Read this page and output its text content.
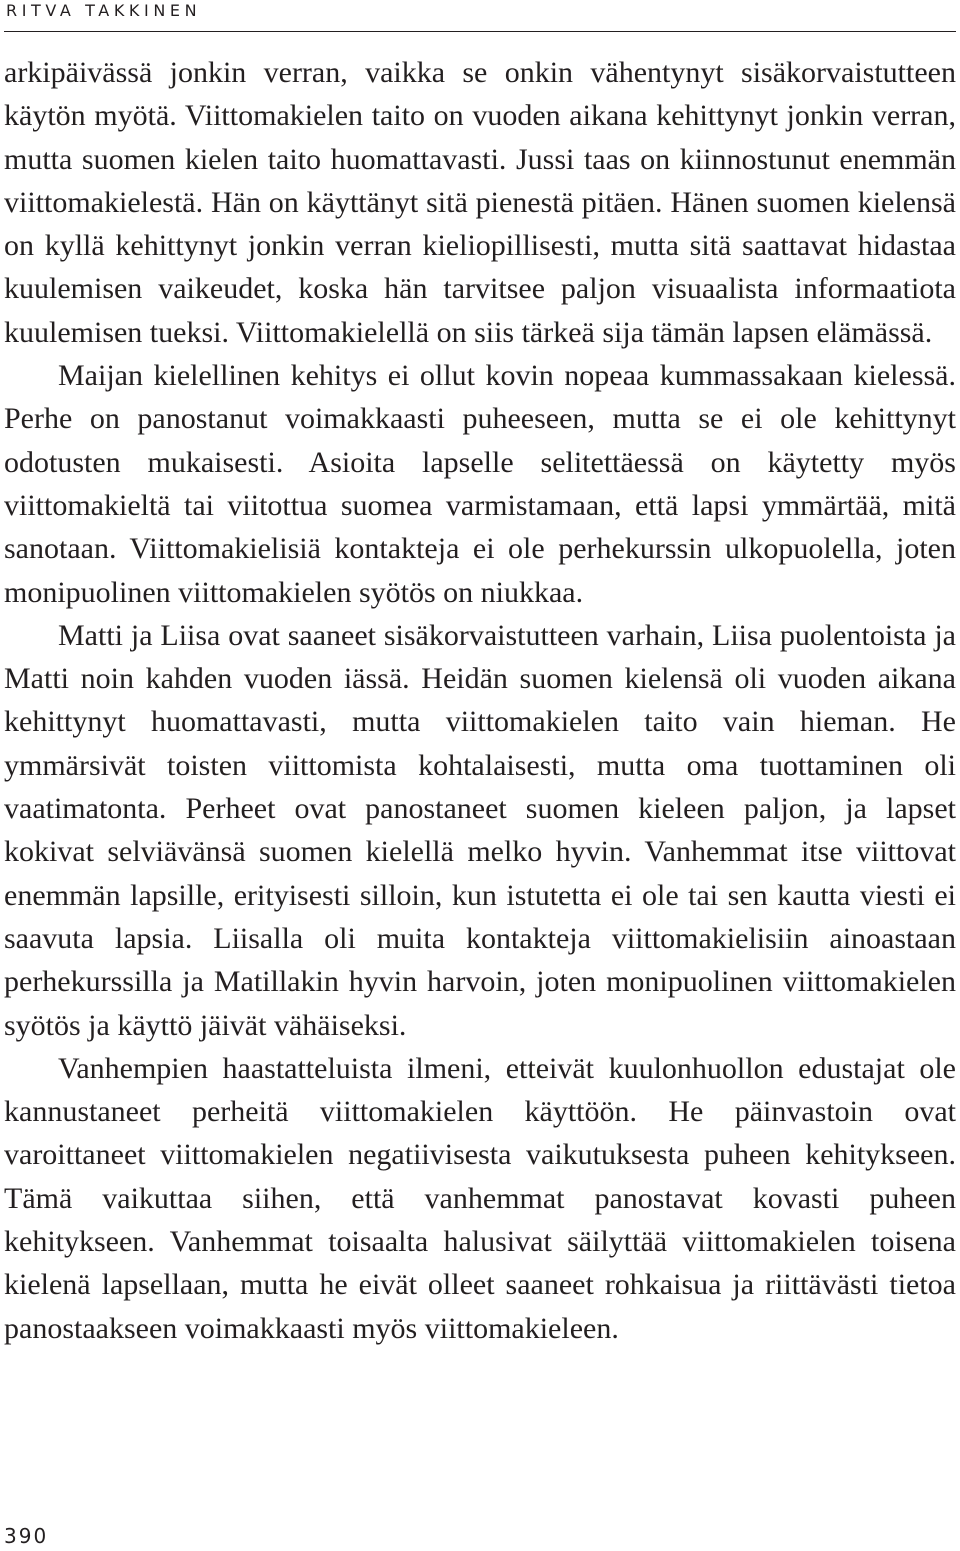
RITVA TAKKINEN

arkipäivässä jonkin verran, vaikka se onkin vähentynyt sisäkorvaistutteen käytön myötä. Viittomakielen taito on vuoden aikana kehittynyt jonkin verran, mutta suomen kielen taito huomattavasti. Jussi taas on kiinnostunut enemmän viittomakielestä. Hän on käyttänyt sitä pienestä pitäen. Hänen suomen kielensä on kyllä kehittynyt jonkin verran kieliopillisesti, mutta sitä saattavat hidastaa kuulemisen vaikeudet, koska hän tarvitsee paljon visuaalista informaatiota kuulemisen tueksi. Viittomakielellä on siis tärkeä sija tämän lapsen elämässä.

Maijan kielellinen kehitys ei ollut kovin nopeaa kummassakaan kielessä. Perhe on panostanut voimakkaasti puheeseen, mutta se ei ole kehittynyt odotusten mukaisesti. Asioita lapselle selitettäessä on käytetty myös viittomakieltä tai viitottua suomea varmistamaan, että lapsi ymmärtää, mitä sanotaan. Viittomakielisiä kontakteja ei ole perhekurssin ulkopuolella, joten monipuolinen viittomakielen syötös on niukkaa.

Matti ja Liisa ovat saaneet sisäkorvaistutteen varhain, Liisa puolentoista ja Matti noin kahden vuoden iässä. Heidän suomen kielensä oli vuoden aikana kehittynyt huomattavasti, mutta viittomakielen taito vain hieman. He ymmärsivät toisten viittomista kohtalaisesti, mutta oma tuottaminen oli vaatimatonta. Perheet ovat panostaneet suomen kieleen paljon, ja lapset kokivat selviävänsä suomen kielellä melko hyvin. Vanhemmat itse viittovat enemmän lapsille, erityisesti silloin, kun istutetta ei ole tai sen kautta viesti ei saavuta lapsia. Liisalla oli muita kontakteja viittomakielisiin ainoastaan perhekurssilla ja Matillakin hyvin harvoin, joten monipuolinen viittomakielen syötös ja käyttö jäivät vähäiseksi.

Vanhempien haastatteluista ilmeni, etteivät kuulonhuollon edustajat ole kannustaneet perheitä viittomakielen käyttöön. He päinvastoin ovat varoittaneet viittomakielen negatiivisesta vaikutuksesta puheen kehitykseen. Tämä vaikuttaa siihen, että vanhemmat panostavat kovasti puheen kehitykseen. Vanhemmat toisaalta halusivat säilyttää viittomakielen toisena kielenä lapsellaan, mutta he eivät olleet saaneet rohkaisua ja riittävästi tietoa panostaakseen voimakkaasti myös viittomakieleen.

390
